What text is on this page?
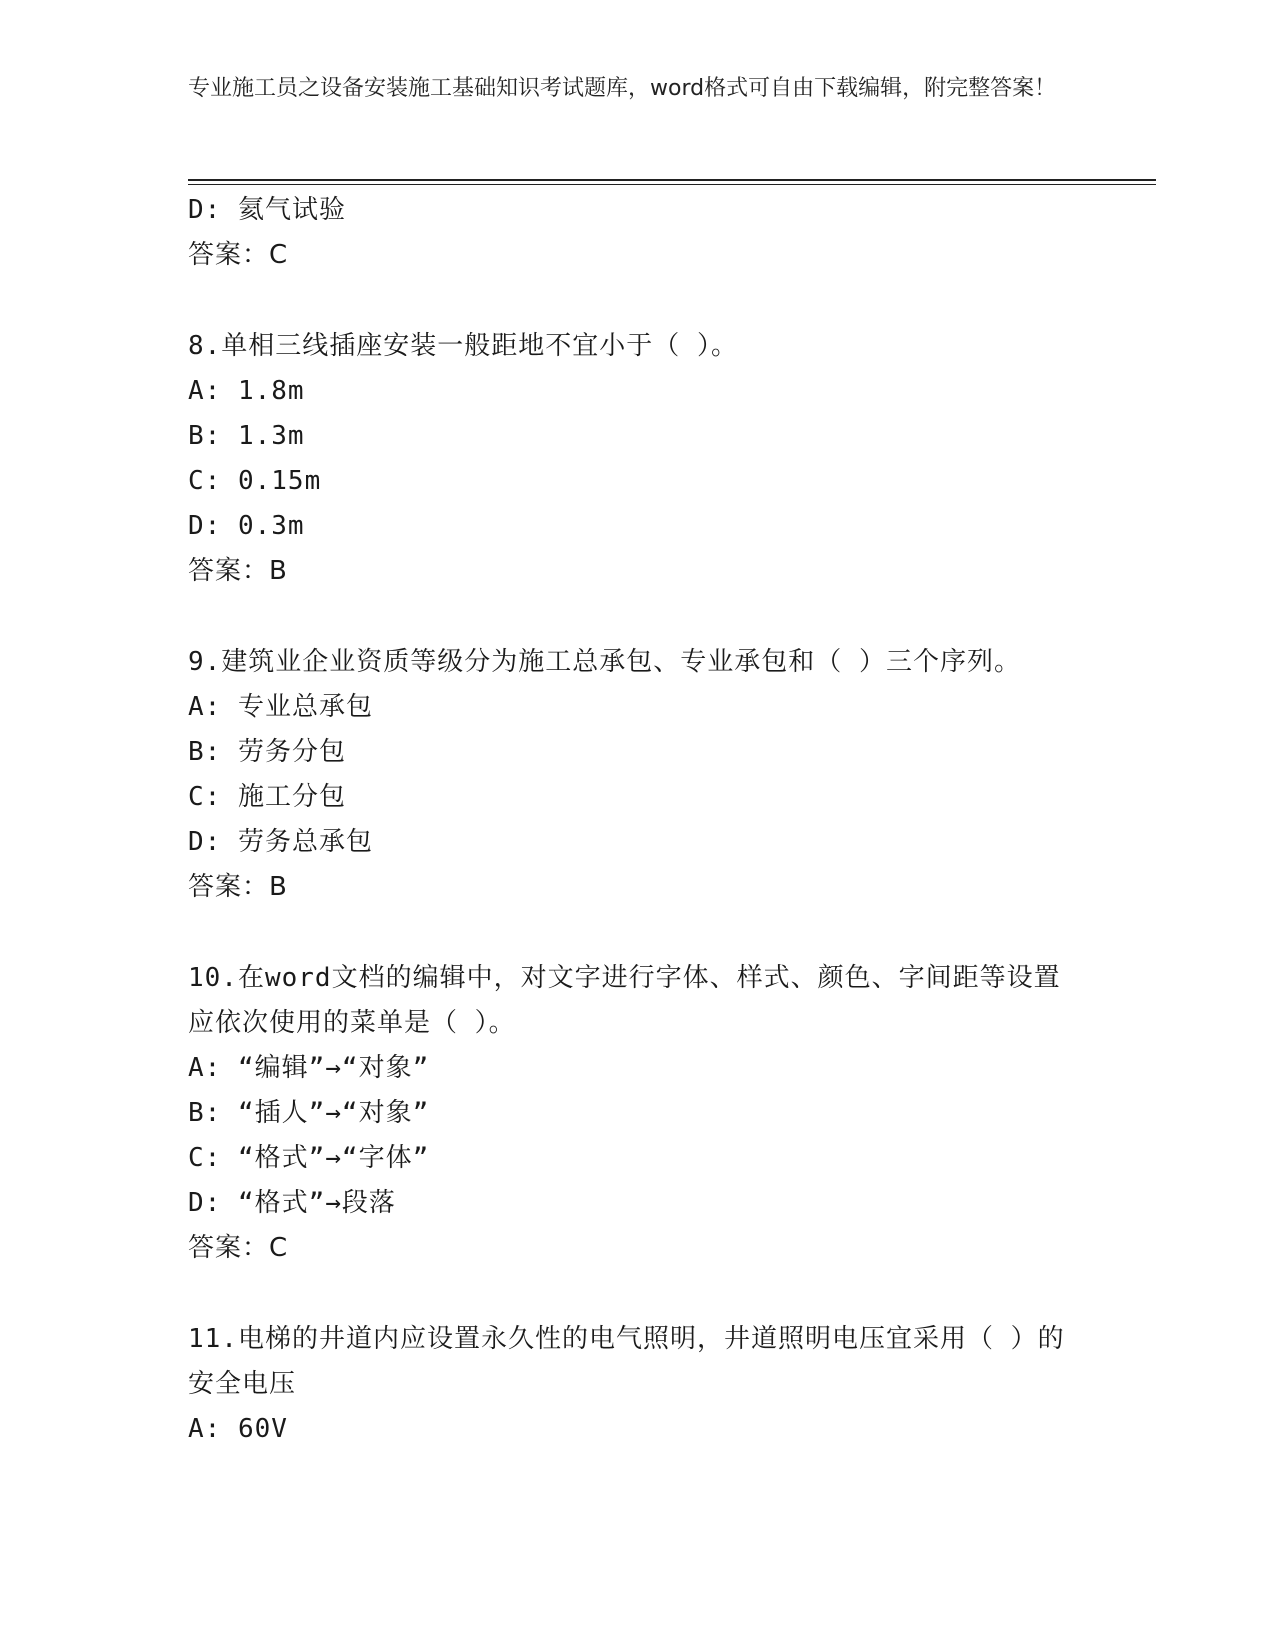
专业施工员之设备安装施工基础知识考试题库，word格式可自由下载编辑，附完整答案！
D: 氦气试验
答案：C
8.单相三线插座安装一般距地不宜小于（ ）。
A: 1.8m
B: 1.3m
C: 0.15m
D: 0.3m
答案：B
9.建筑业企业资质等级分为施工总承包、专业承包和（ ）三个序列。
A: 专业总承包
B: 劳务分包
C: 施工分包
D: 劳务总承包
答案：B
10.在word文档的编辑中，对文字进行字体、样式、颜色、字间距等设置应依次使用的菜单是（ ）。
A: “编辑”→“对象”
B: “插人”→“对象”
C: “格式”→“字体”
D: “格式”→段落
答案：C
11.电梯的井道内应设置永久性的电气照明，井道照明电压宜采用（ ）的安全电压
A: 60V
